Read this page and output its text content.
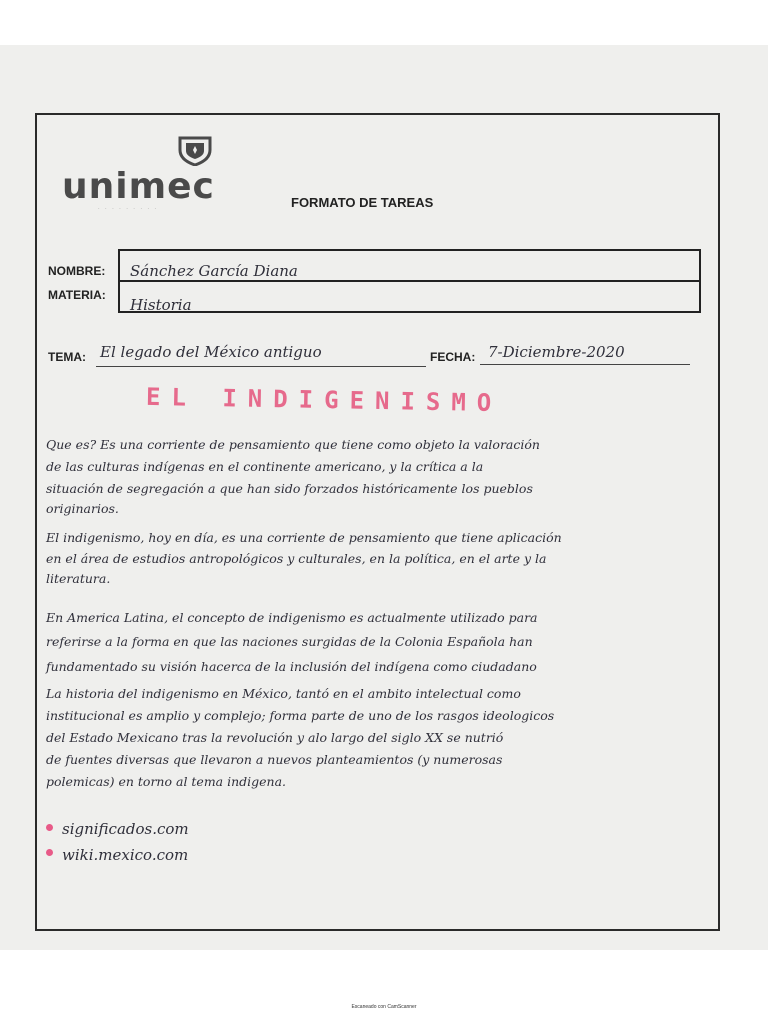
unimec
· · · · · · · · ·	FORMATO DE TAREAS
NOMBRE:
MATERIA:
Sánchez García Diana
Historia
TEMA: El legado del México antiguo	FECHA: 7-Diciembre-2020
EL INDIGENISMO
Que es? Es una corriente de pensamiento que tiene como objeto la valoración
de las culturas indígenas en el continente americano, y la crítica a la
situación de segregación a que han sido forzados históricamente los pueblos
originarios.
El indigenismo, hoy en día, es una corriente de pensamiento que tiene aplicación
en el área de estudios antropológicos y culturales, en la política, en el arte y la
literatura.
En America Latina, el concepto de indigenismo es actualmente utilizado para
referirse a la forma en que las naciones surgidas de la Colonia Española han
fundamentado su visión hacerca de la inclusión del indígena como ciudadano
La historia del indigenismo en México, tantó en el ambito intelectual como
institucional es amplio y complejo; forma parte de uno de los rasgos ideologicos
del Estado Mexicano tras la revolución y alo largo del siglo XX se nutrió
de fuentes diversas que llevaron a nuevos planteamientos (y numerosas
polemicas) en torno al tema indigena.
significados.com
wiki.mexico.com
Escaneado con CamScanner
